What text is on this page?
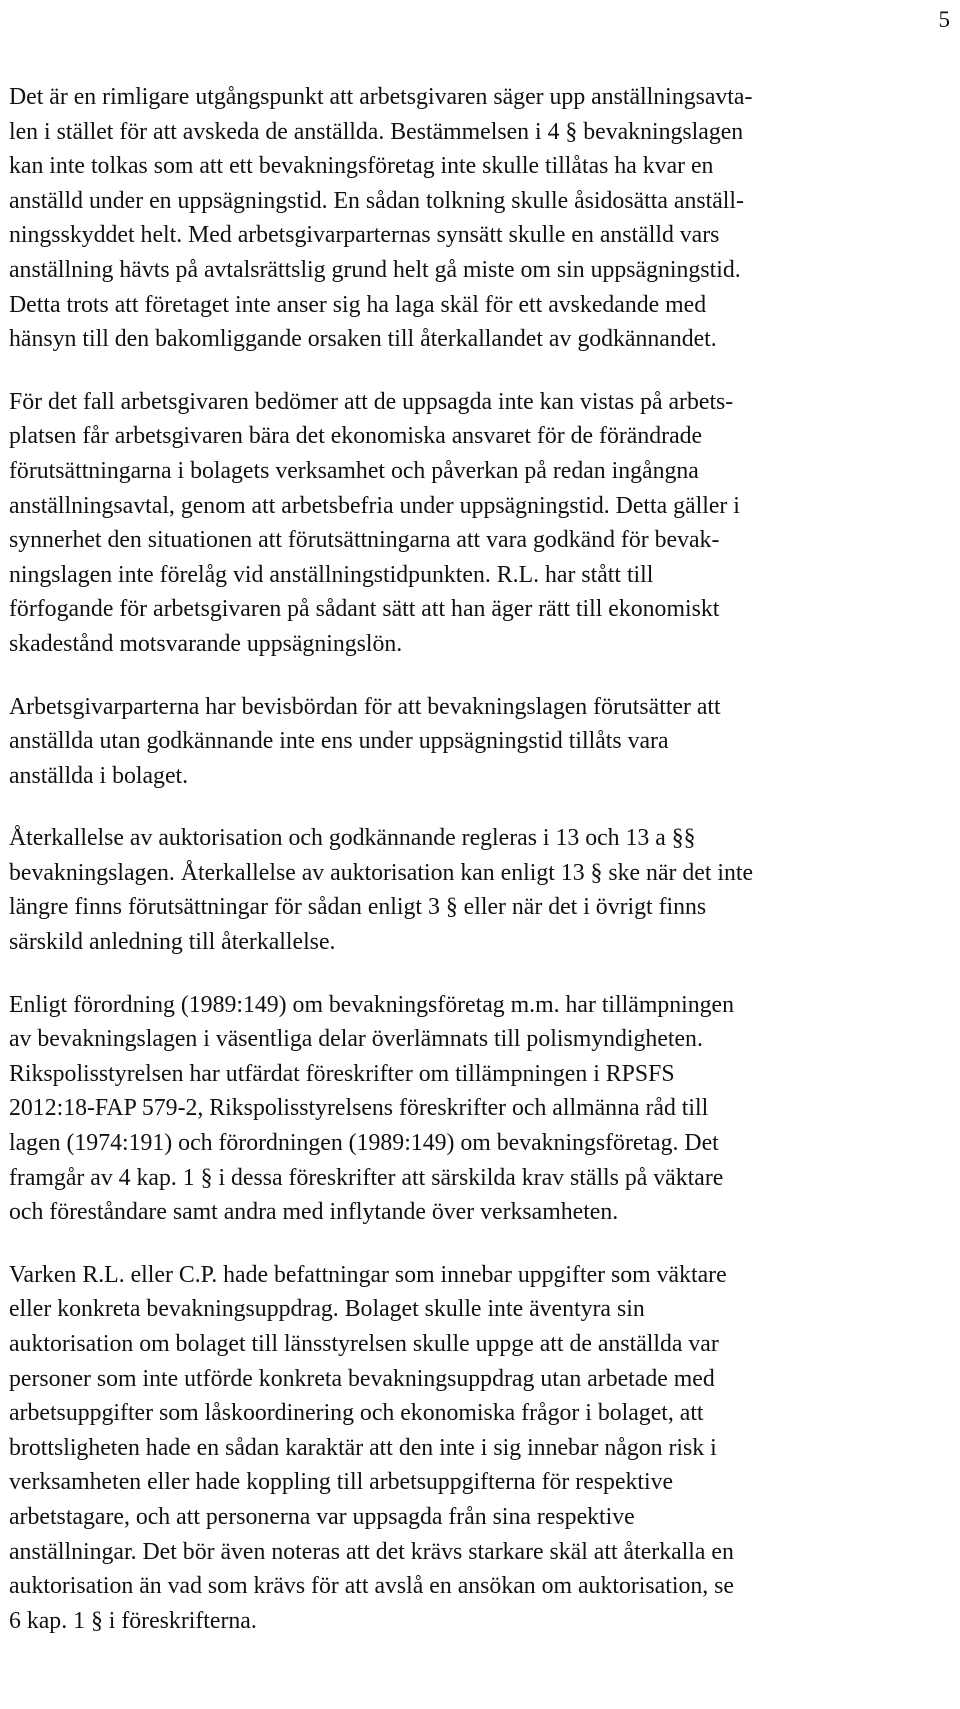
5

Det är en rimligare utgångspunkt att arbetsgivaren säger upp anställningsavta-
len i stället för att avskeda de anställda. Bestämmelsen i 4 § bevakningslagen
kan inte tolkas som att ett bevakningsföretag inte skulle tillåtas ha kvar en
anställd under en uppsägningstid. En sådan tolkning skulle åsidosätta anställ-
ningsskyddet helt. Med arbetsgivarparternas synsätt skulle en anställd vars
anställning hävts på avtalsrättslig grund helt gå miste om sin uppsägningstid.
Detta trots att företaget inte anser sig ha laga skäl för ett avskedande med
hänsyn till den bakomliggande orsaken till återkallandet av godkännandet.

För det fall arbetsgivaren bedömer att de uppsagda inte kan vistas på arbets-
platsen får arbetsgivaren bära det ekonomiska ansvaret för de förändrade
förutsättningarna i bolagets verksamhet och påverkan på redan ingångna
anställningsavtal, genom att arbetsbefria under uppsägningstid. Detta gäller i
synnerhet den situationen att förutsättningarna att vara godkänd för bevak-
ningslagen inte förelåg vid anställningstidpunkten. R.L. har stått till
förfogande för arbetsgivaren på sådant sätt att han äger rätt till ekonomiskt
skadestånd motsvarande uppsägningslön.

Arbetsgivarparterna har bevisbördan för att bevakningslagen förutsätter att
anställda utan godkännande inte ens under uppsägningstid tillåts vara
anställda i bolaget.

Återkallelse av auktorisation och godkännande regleras i 13 och 13 a §§
bevakningslagen. Återkallelse av auktorisation kan enligt 13 § ske när det inte
längre finns förutsättningar för sådan enligt 3 § eller när det i övrigt finns
särskild anledning till återkallelse.

Enligt förordning (1989:149) om bevakningsföretag m.m. har tillämpningen
av bevakningslagen i väsentliga delar överlämnats till polismyndigheten.
Rikspolisstyrelsen har utfärdat föreskrifter om tillämpningen i RPSFS
2012:18-FAP 579-2, Rikspolisstyrelsens föreskrifter och allmänna råd till
lagen (1974:191) och förordningen (1989:149) om bevakningsföretag. Det
framgår av 4 kap. 1 § i dessa föreskrifter att särskilda krav ställs på väktare
och föreståndare samt andra med inflytande över verksamheten.

Varken R.L. eller C.P. hade befattningar som innebar uppgifter som väktare
eller konkreta bevakningsuppdrag. Bolaget skulle inte äventyra sin
auktorisation om bolaget till länsstyrelsen skulle uppge att de anställda var
personer som inte utförde konkreta bevakningsuppdrag utan arbetade med
arbetsuppgifter som låskoordinering och ekonomiska frågor i bolaget, att
brottsligheten hade en sådan karaktär att den inte i sig innebar någon risk i
verksamheten eller hade koppling till arbetsuppgifterna för respektive
arbetstagare, och att personerna var uppsagda från sina respektive
anställningar. Det bör även noteras att det krävs starkare skäl att återkalla en
auktorisation än vad som krävs för att avslå en ansökan om auktorisation, se
6 kap. 1 § i föreskrifterna.
